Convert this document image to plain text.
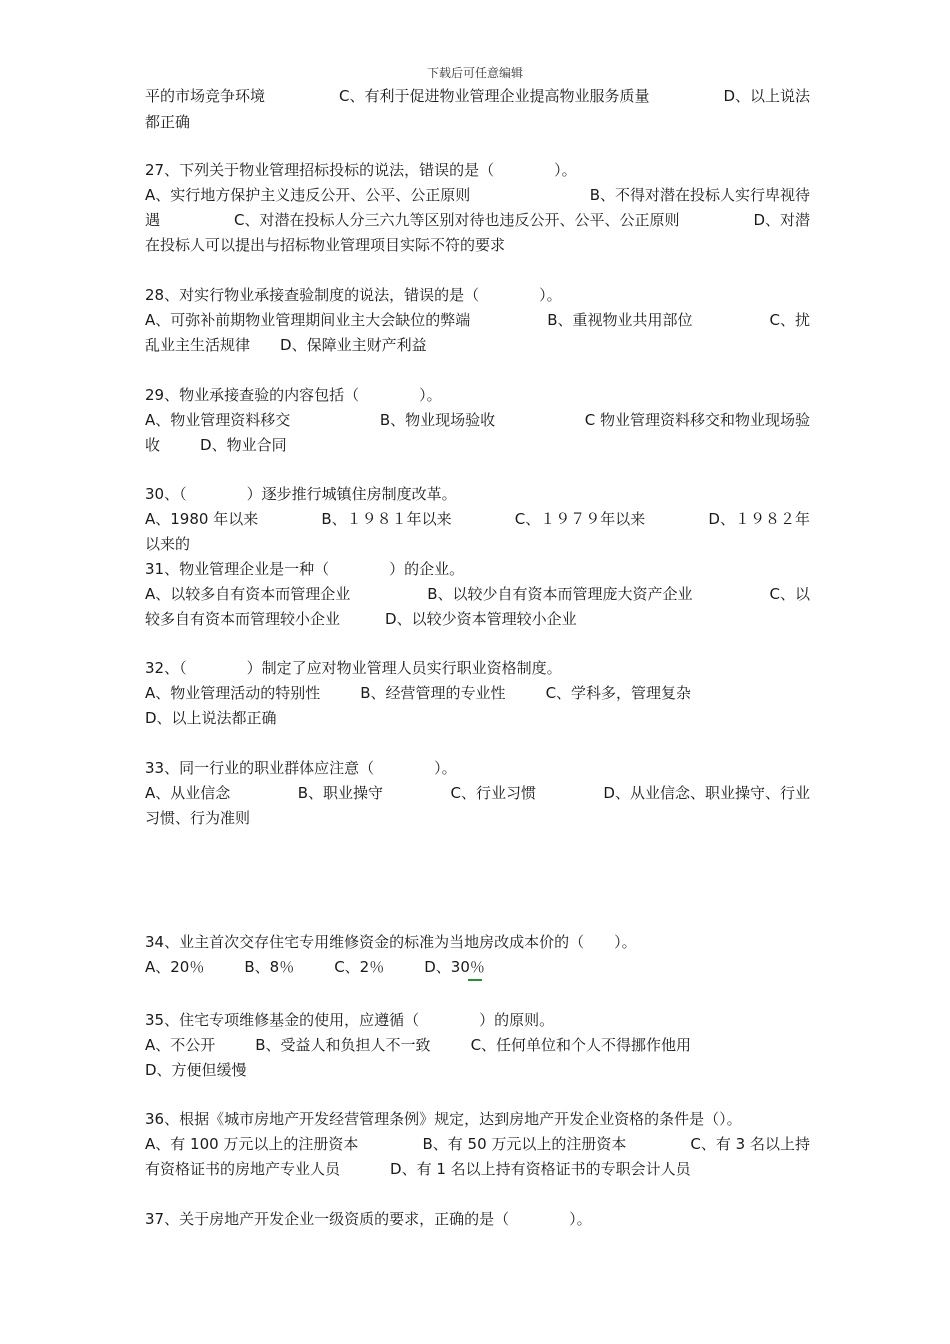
下载后可任意编辑
平的市场竞争环境	C、有利于促进物业管理企业提高物业服务质量	D、以上说法
都正确
27、下列关于物业管理招标投标的说法，错误的是（　　　　）。
A、实行地方保护主义违反公开、公平、公正原则	B、不得对潜在投标人实行卑视待
遇	C、对潜在投标人分三六九等区别对待也违反公开、公平、公正原则	D、对潜
在投标人可以提出与招标物业管理项目实际不符的要求
28、对实行物业承接查验制度的说法，错误的是（　　　　）。
A、可弥补前期物业管理期间业主大会缺位的弊端	B、重视物业共用部位	C、扰
乱业主生活规律 D、保障业主财产利益
29、物业承接查验的内容包括（　　　　）。
A、物业管理资料移交	B、物业现场验收	C 物业管理资料移交和物业现场验
收	D、物业合同
30、（　　　　）逐步推行城镇住房制度改革。
A、1980 年以来	B、１９８１年以来	C、１９７９年以来	D、１９８２年
以来的
31、物业管理企业是一种（　　　　）的企业。
A、以较多自有资本而管理企业	B、以较少自有资本而管理庞大资产企业	C、以
较多自有资本而管理较小企业	D、以较少资本管理较小企业
32、（　　　　）制定了应对物业管理人员实行职业资格制度。
A、物业管理活动的特别性	B、经营管理的专业性	C、学科多，管理复杂
D、以上说法都正确
33、同一行业的职业群体应注意（　　　　）。
A、从业信念	B、职业操守	C、行业习惯	D、从业信念、职业操守、行业
习惯、行为准则
34、业主首次交存住宅专用维修资金的标准为当地房改成本价的（　　）。
A、20％	B、8％	C、2％	D、30％
35、住宅专项维修基金的使用，应遵循（　　　　）的原则。
A、不公开	B、受益人和负担人不一致	C、任何单位和个人不得挪作他用
D、方便但缓慢
36、根据《城市房地产开发经营管理条例》规定，达到房地产开发企业资格的条件是（）。
A、有 100 万元以上的注册资本	B、有 50 万元以上的注册资本	C、有 3 名以上持
有资格证书的房地产专业人员	D、有 1 名以上持有资格证书的专职会计人员
37、关于房地产开发企业一级资质的要求，正确的是（　　　　）。
